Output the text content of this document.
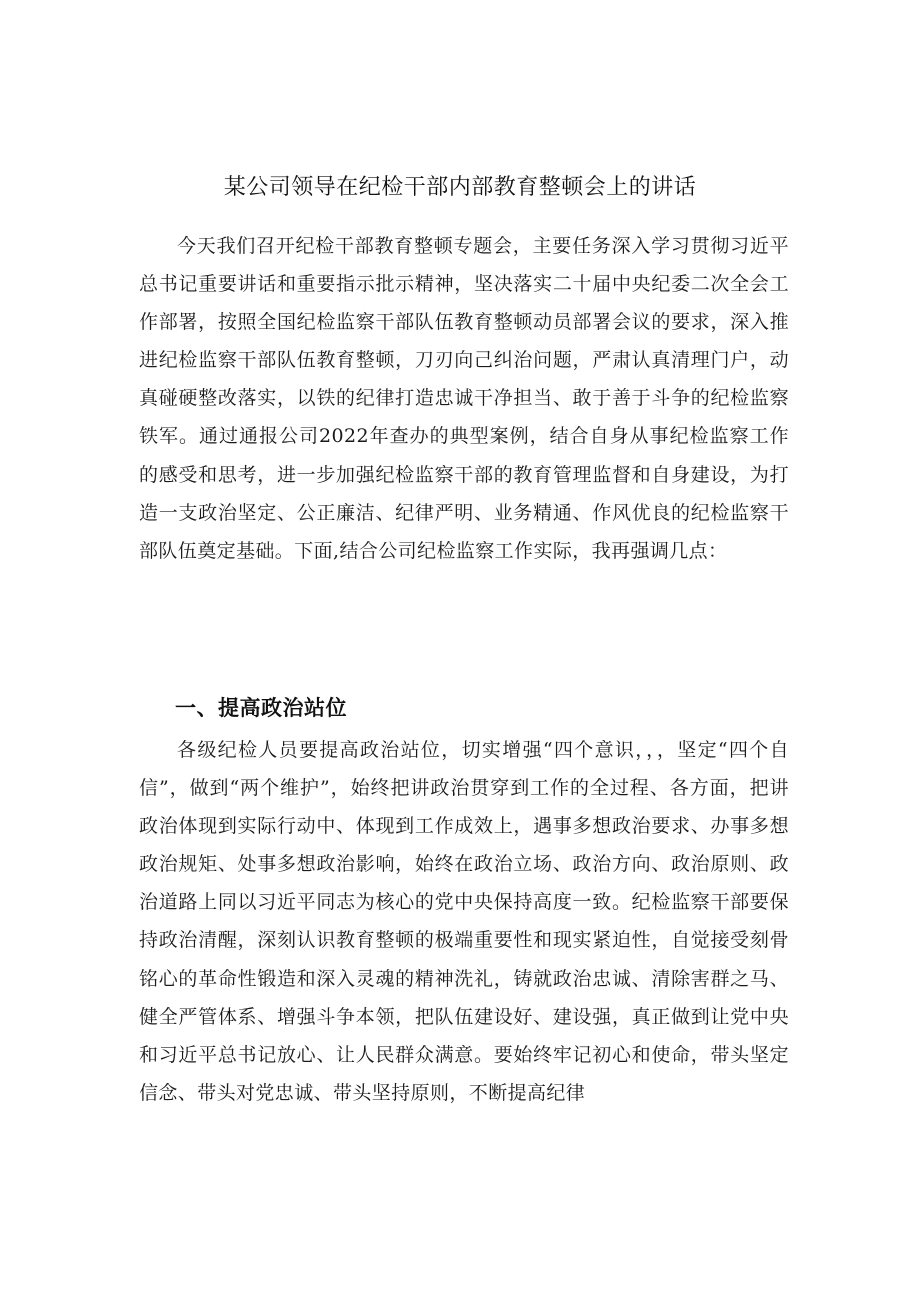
某公司领导在纪检干部内部教育整顿会上的讲话

今天我们召开纪检干部教育整顿专题会，主要任务深入学习贯彻习近平总书记重要讲话和重要指示批示精神，坚决落实二十届中央纪委二次全会工作部署，按照全国纪检监察干部队伍教育整顿动员部署会议的要求，深入推进纪检监察干部队伍教育整顿，刀刃向己纠治问题，严肃认真清理门户，动真碰硬整改落实，以铁的纪律打造忠诚干净担当、敢于善于斗争的纪检监察铁军。通过通报公司2022年查办的典型案例，结合自身从事纪检监察工作的感受和思考，进一步加强纪检监察干部的教育管理监督和自身建设，为打造一支政治坚定、公正廉洁、纪律严明、业务精通、作风优良的纪检监察干部队伍奠定基础。下面,结合公司纪检监察工作实际，我再强调几点：

一、提高政治站位

各级纪检人员要提高政治站位，切实增强“四个意识，，，坚定“四个自信”，做到“两个维护”，始终把讲政治贯穿到工作的全过程、各方面，把讲政治体现到实际行动中、体现到工作成效上，遇事多想政治要求、办事多想政治规矩、处事多想政治影响，始终在政治立场、政治方向、政治原则、政治道路上同以习近平同志为核心的党中央保持高度一致。纪检监察干部要保持政治清醒，深刻认识教育整顿的极端重要性和现实紧迫性，自觉接受刻骨铭心的革命性锻造和深入灵魂的精神洗礼，铸就政治忠诚、清除害群之马、健全严管体系、增强斗争本领，把队伍建设好、建设强，真正做到让党中央和习近平总书记放心、让人民群众满意。要始终牢记初心和使命，带头坚定信念、带头对党忠诚、带头坚持原则，不断提高纪律
